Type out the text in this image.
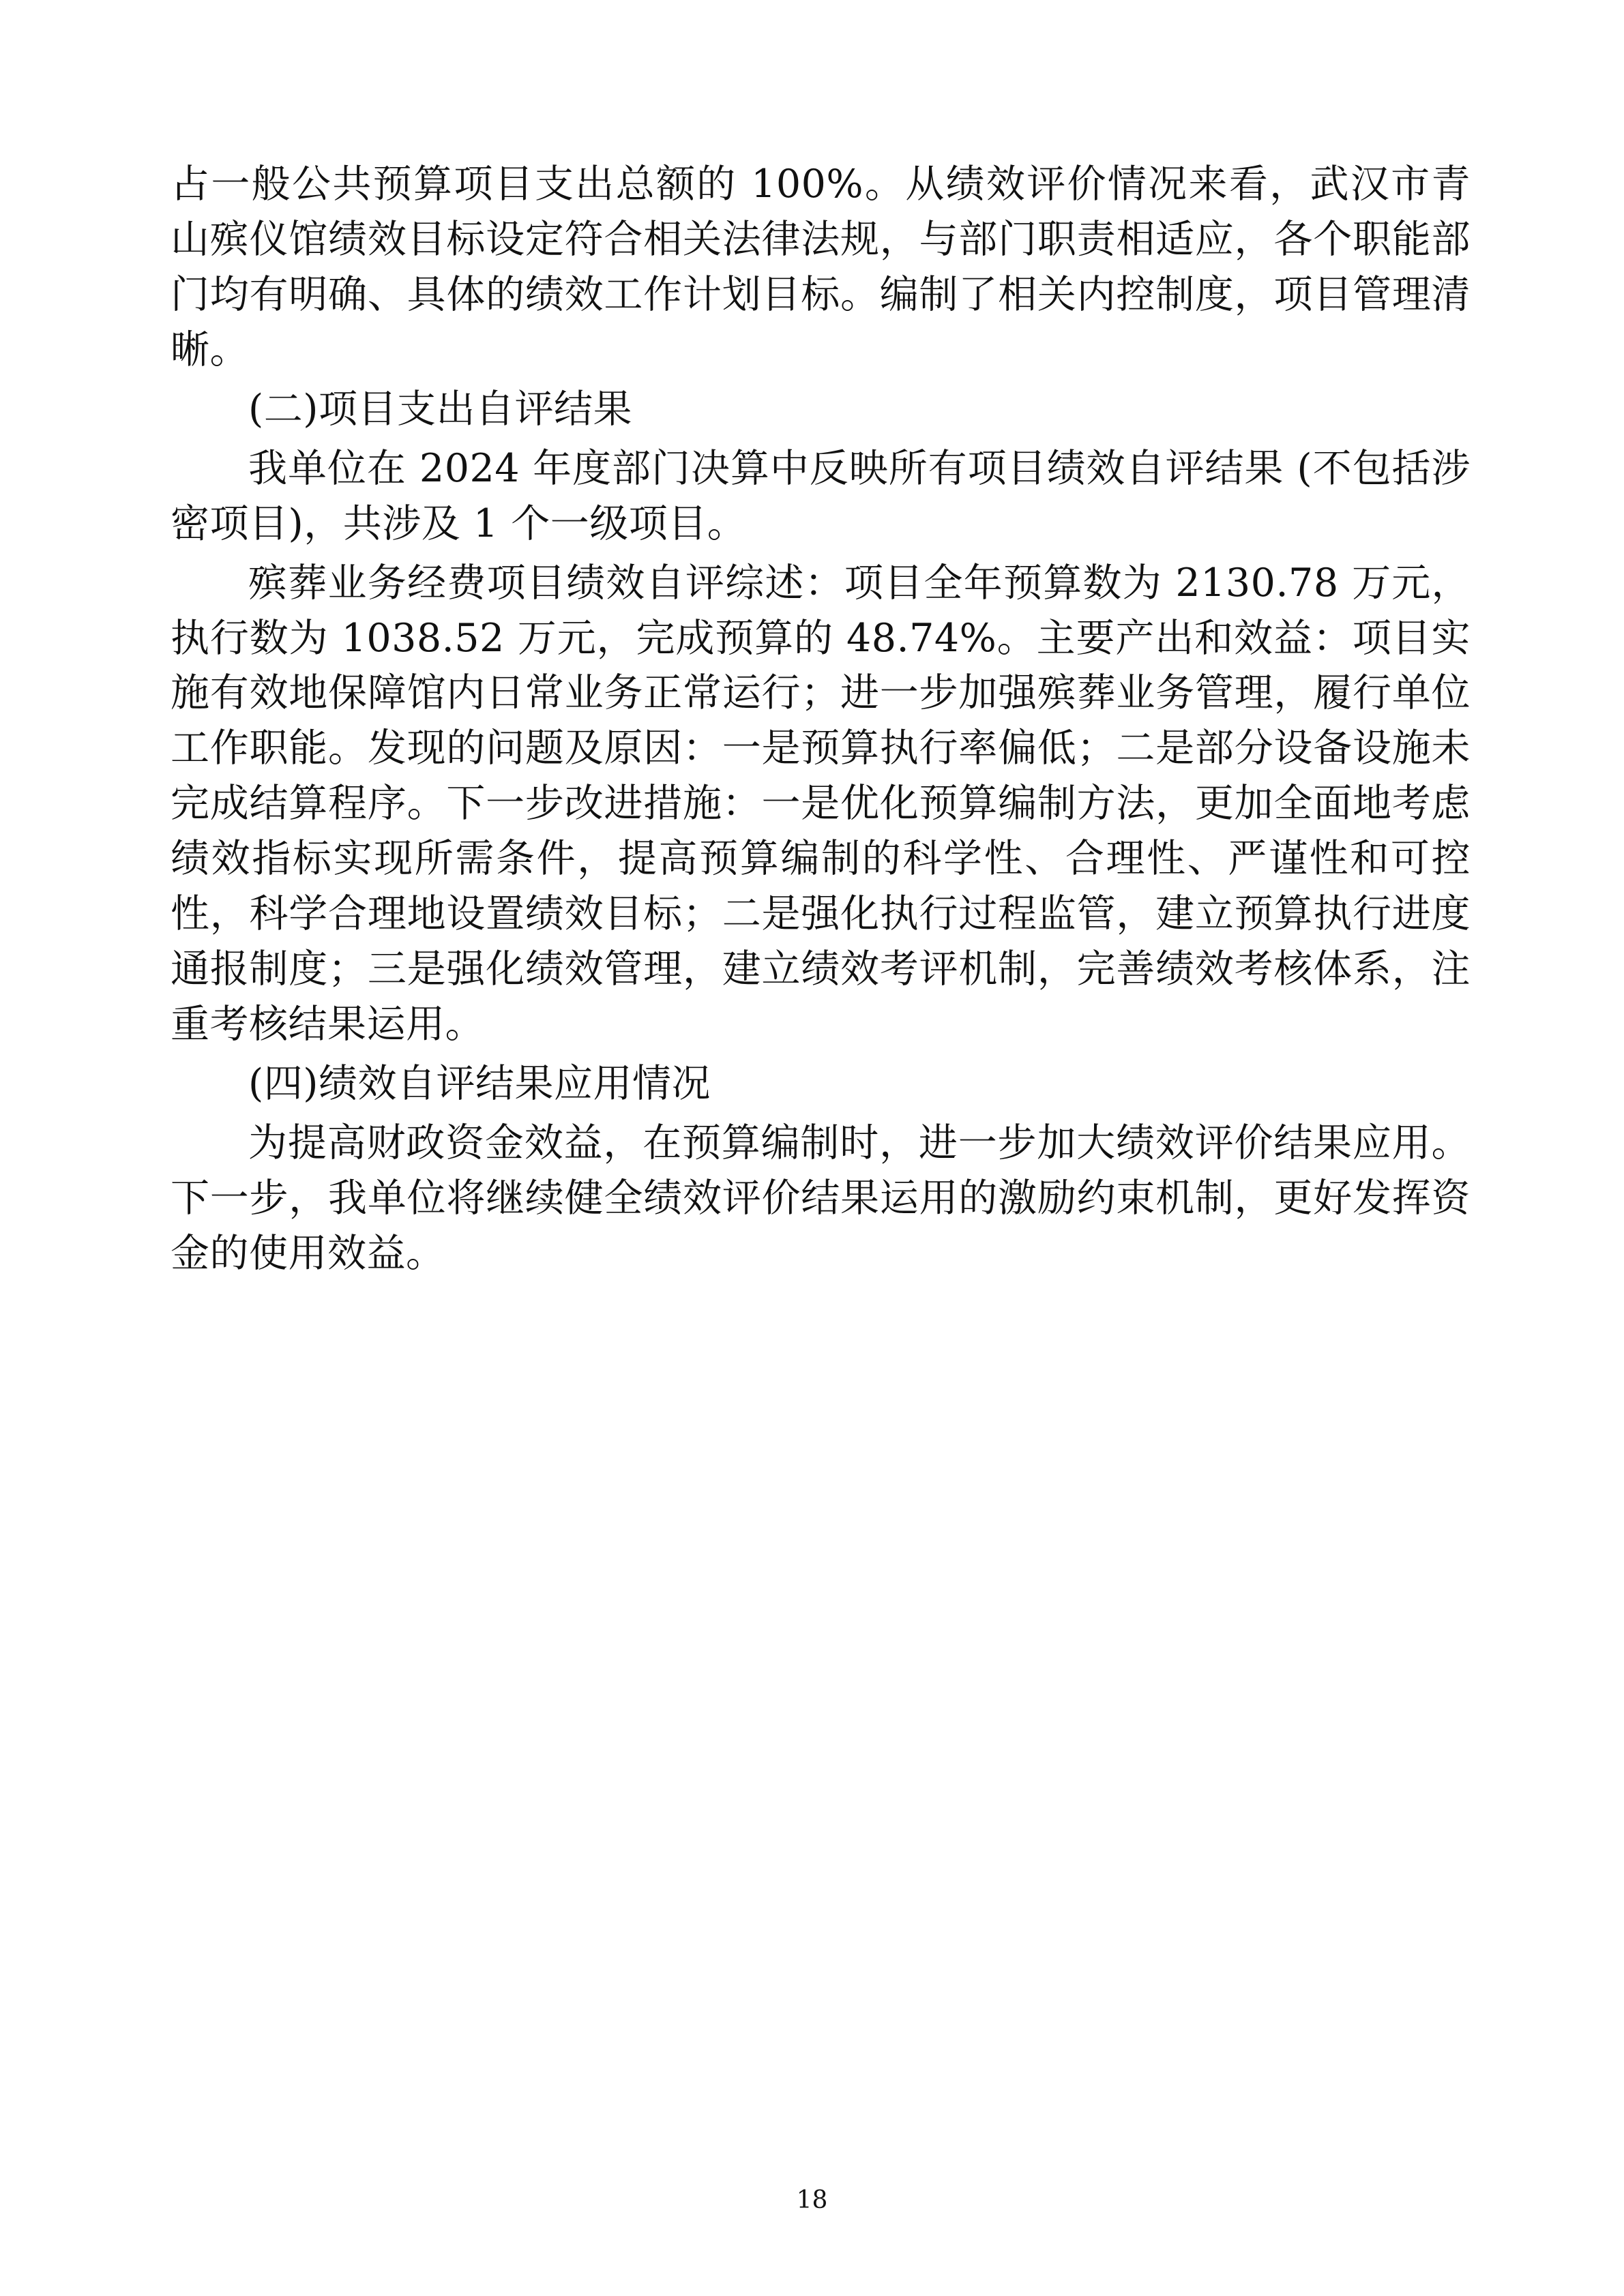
占一般公共预算项目支出总额的 100%。从绩效评价情况来看，武汉市青山殡仪馆绩效目标设定符合相关法律法规，与部门职责相适应，各个职能部门均有明确、具体的绩效工作计划目标。编制了相关内控制度，项目管理清晰。

(二)项目支出自评结果

我单位在 2024 年度部门决算中反映所有项目绩效自评结果 (不包括涉密项目)，共涉及 1 个一级项目。

殡葬业务经费项目绩效自评综述：项目全年预算数为 2130.78 万元，执行数为 1038.52 万元，完成预算的 48.74%。主要产出和效益：项目实施有效地保障馆内日常业务正常运行；进一步加强殡葬业务管理，履行单位工作职能。发现的问题及原因：一是预算执行率偏低；二是部分设备设施未完成结算程序。下一步改进措施：一是优化预算编制方法，更加全面地考虑绩效指标实现所需条件，提高预算编制的科学性、合理性、严谨性和可控性，科学合理地设置绩效目标；二是强化执行过程监管，建立预算执行进度通报制度；三是强化绩效管理，建立绩效考评机制，完善绩效考核体系，注重考核结果运用。

(四)绩效自评结果应用情况

为提高财政资金效益，在预算编制时，进一步加大绩效评价结果应用。下一步，我单位将继续健全绩效评价结果运用的激励约束机制，更好发挥资金的使用效益。

18
